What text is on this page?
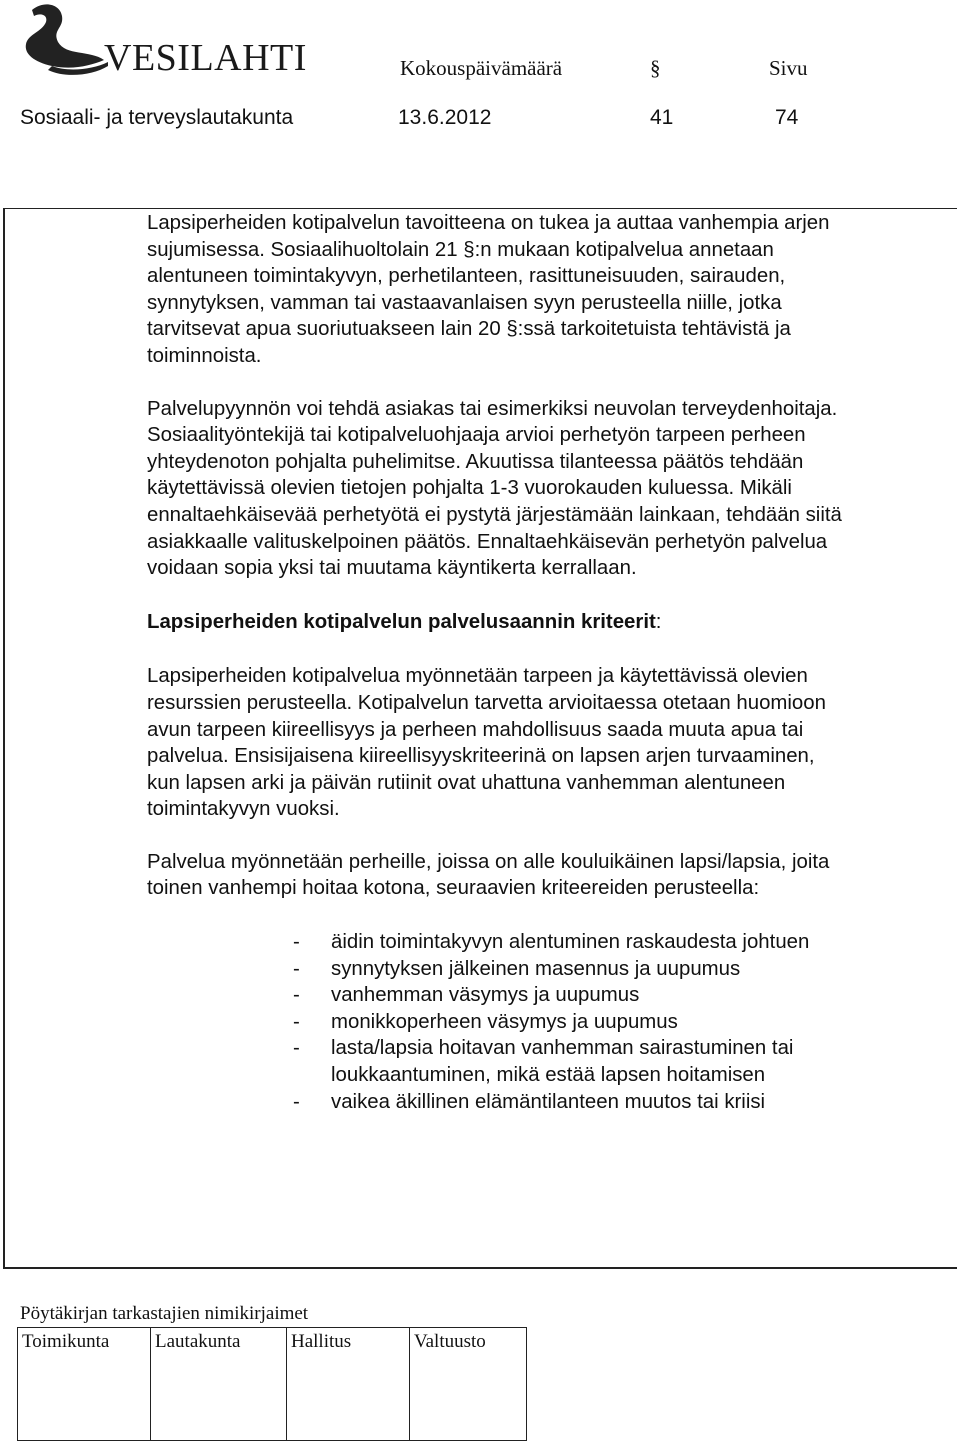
VESILAHTI	Kokouspäivämäärä	§	Sivu
Sosiaali- ja terveyslautakunta	13.6.2012	41	74

Lapsiperheiden kotipalvelun tavoitteena on tukea ja auttaa vanhempia arjen

sujumisessa. Sosiaalihuoltolain 21 §:n mukaan kotipalvelua annetaan

alentuneen toimintakyvyn, perhetilanteen, rasittuneisuuden, sairauden,

synnytyksen, vamman tai vastaavanlaisen syyn perusteella niille, jotka

tarvitsevat apua suoriutuakseen lain 20 §:ssä tarkoitetuista tehtävistä ja

toiminnoista.

Palvelupyynnön voi tehdä asiakas tai esimerkiksi neuvolan terveydenhoitaja.

Sosiaalityöntekijä tai kotipalveluohjaaja arvioi perhetyön tarpeen perheen

yhteydenoton pohjalta puhelimitse. Akuutissa tilanteessa päätös tehdään

käytettävissä olevien tietojen pohjalta 1-3 vuorokauden kuluessa. Mikäli

ennaltaehkäisevää perhetyötä ei pystytä järjestämään lainkaan, tehdään siitä

asiakkaalle valituskelpoinen päätös. Ennaltaehkäisevän perhetyön palvelua

voidaan sopia yksi tai muutama käyntikerta kerrallaan.

Lapsiperheiden kotipalvelun palvelusaannin kriteerit:

Lapsiperheiden kotipalvelua myönnetään tarpeen ja käytettävissä olevien

resurssien perusteella. Kotipalvelun tarvetta arvioitaessa otetaan huomioon

avun tarpeen kiireellisyys ja perheen mahdollisuus saada muuta apua tai

palvelua. Ensisijaisena kiireellisyyskriteerinä on lapsen arjen turvaaminen,

kun lapsen arki ja päivän rutiinit ovat uhattuna vanhemman alentuneen

toimintakyvyn vuoksi.

Palvelua myönnetään perheille, joissa on alle kouluikäinen lapsi/lapsia, joita

toinen vanhempi hoitaa kotona, seuraavien kriteereiden perusteella:

- äidin toimintakyvyn alentuminen raskaudesta johtuen
- synnytyksen jälkeinen masennus ja uupumus
- vanhemman väsymys ja uupumus
- monikkoperheen väsymys ja uupumus
- lasta/lapsia hoitavan vanhemman sairastuminen tai
loukkaantuminen, mikä estää lapsen hoitamisen
- vaikea äkillinen elämäntilanteen muutos tai kriisi
Pöytäkirjan tarkastajien nimikirjaimet
Toimikunta	Lautakunta	Hallitus	Valtuusto
